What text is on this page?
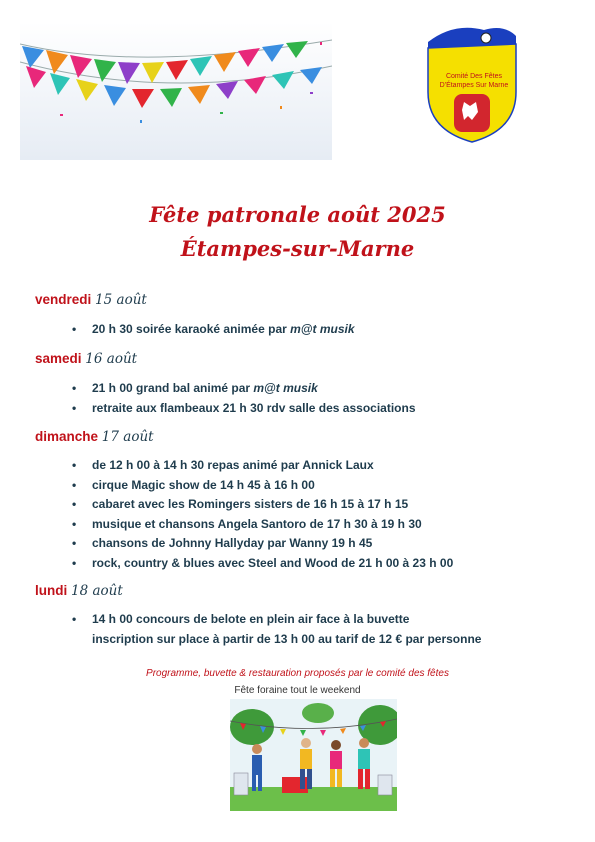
Comité Des Fêtes
D'Étampes Sur Marne
Fête patronale août 2025
Étampes-sur-Marne
vendredi 15 août
• 20 h 30 soirée karaoké animée par m@t musik
samedi 16 août
• 21 h 00 grand bal animé par m@t musik
• retraite aux flambeaux 21 h 30 rdv salle des associations
dimanche 17 août
• de 12 h 00 à 14 h 30 repas animé par Annick Laux
• cirque Magic show de 14 h 45 à 16 h 00
• cabaret avec les Romingers sisters de 16 h 15 à 17 h 15
• musique et chansons Angela Santoro de 17 h 30 à 19 h 30
• chansons de Johnny Hallyday par Wanny 19 h 45
• rock, country & blues avec Steel and Wood de 21 h 00 à 23 h 00
lundi 18 août
• 14 h 00 concours de belote en plein air face à la buvette
inscription sur place à partir de 13 h 00 au tarif de 12 € par personne
Programme, buvette & restauration proposés par le comité des fêtes
Fête foraine tout le weekend
